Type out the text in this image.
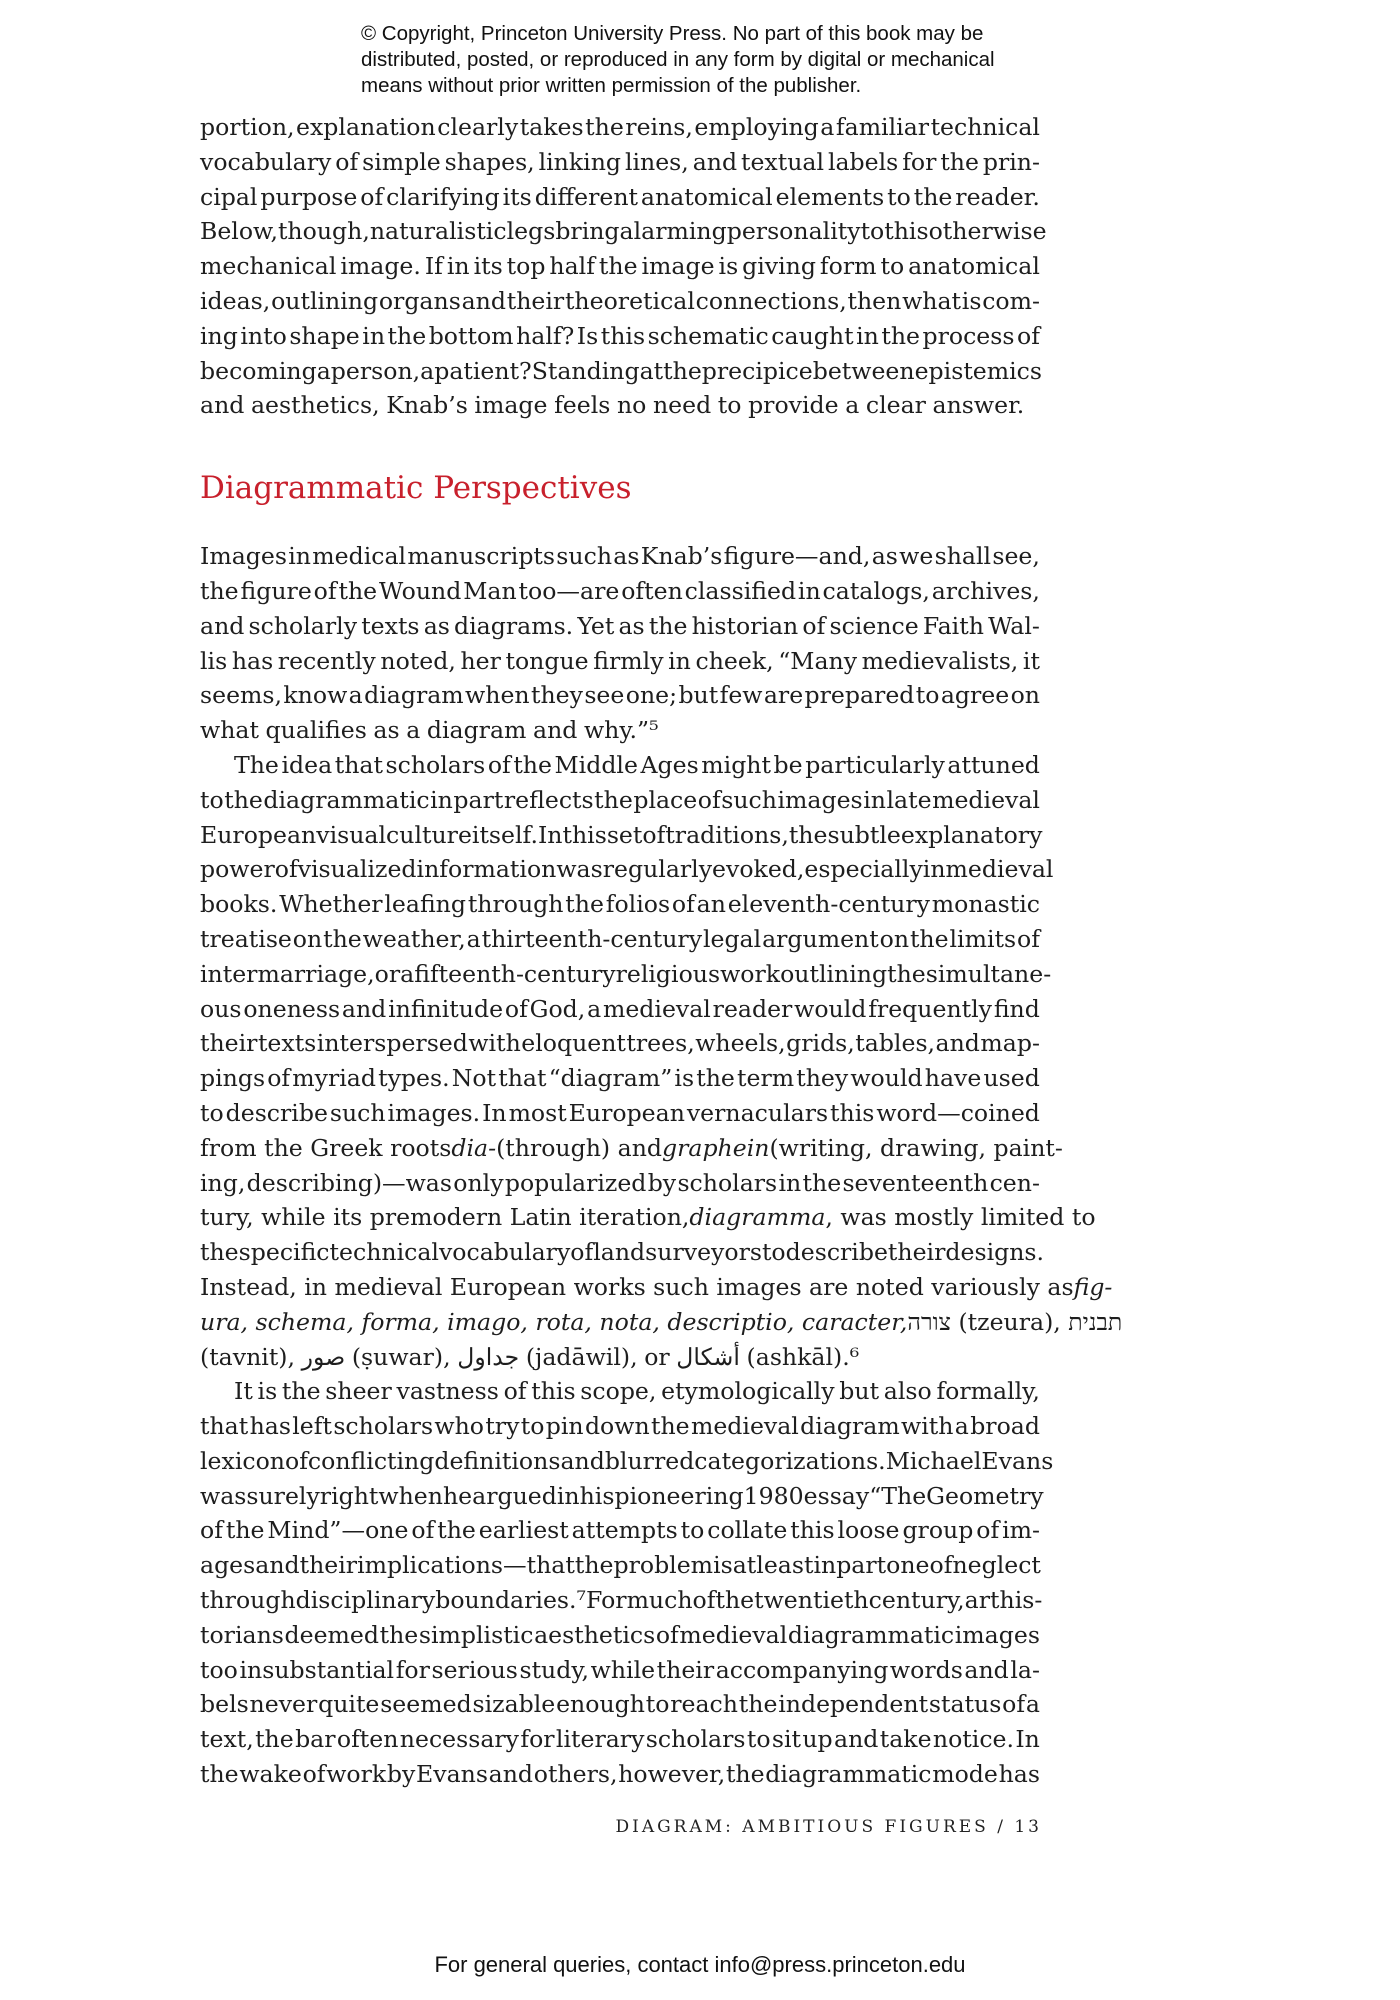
© Copyright, Princeton University Press. No part of this book may be
distributed, posted, or reproduced in any form by digital or mechanical
means without prior written permission of the publisher.
portion, explanation clearly takes the reins, employing a familiar technical
vocabulary of simple shapes, linking lines, and textual labels for the prin-
cipal purpose of clarifying its different anatomical elements to the reader.
Below, though, naturalistic legs bring alarming personality to this otherwise
mechanical image. If in its top half the image is giving form to anatomical
ideas, outlining organs and their theoretical connections, then what is com-
ing into shape in the bottom half? Is this schematic caught in the process of
becoming a person, a patient? Standing at the precipice between epistemics
and aesthetics, Knab’s image feels no need to provide a clear answer.
Diagrammatic Perspectives
Images in medical manuscripts such as Knab’s figure—and, as we shall see,
the figure of the Wound Man too—are often classified in catalogs, archives,
and scholarly texts as diagrams. Yet as the historian of science Faith Wal-
lis has recently noted, her tongue firmly in cheek, “Many medievalists, it
seems, know a diagram when they see one; but few are prepared to agree on
what qualifies as a diagram and why.”⁵
The idea that scholars of the Middle Ages might be particularly attuned
to the diagrammatic in part reflects the place of such images in late medieval
European visual culture itself. In this set of traditions, the subtle explanatory
power of visualized information was regularly evoked, especially in medieval
books. Whether leafing through the folios of an eleventh-century monastic
treatise on the weather, a thirteenth-century legal argument on the limits of
intermarriage, or a fifteenth-century religious work outlining the simultane-
ous oneness and infinitude of God, a medieval reader would frequently find
their texts interspersed with eloquent trees, wheels, grids, tables, and map-
pings of myriad types. Not that “diagram” is the term they would have used
to describe such images. In most European vernaculars this word—coined
from the Greek roots dia- (through) and graphein (writing, drawing, paint-
ing, describing)—was only popularized by scholars in the seventeenth cen-
tury, while its premodern Latin iteration, diagramma , was mostly limited to
the specific technical vocabulary of land surveyors to describe their designs.
Instead, in medieval European works such images are noted variously as fig-
ura, schema, forma, imago, rota, nota, descriptio, caracter, צורה (tzeura), תבנית
(tavnit), صور (ṣuwar), جداول (jadāwil), or أشكال (ashkāl).⁶
It is the sheer vastness of this scope, etymologically but also formally,
that has left scholars who try to pin down the medieval diagram with a broad
lexicon of conflicting definitions and blurred categorizations. Michael Evans
was surely right when he argued in his pioneering 1980 essay “The Geometry
of the Mind”—one of the earliest attempts to collate this loose group of im-
ages and their implications—that the problem is at least in part one of neglect
through disciplinary boundaries.⁷ For much of the twentieth century, art his-
torians deemed the simplistic aesthetics of medieval diagrammatic images
too insubstantial for serious study, while their accompanying words and la-
bels never quite seemed sizable enough to reach the independent status of a
text, the bar often necessary for literary scholars to sit up and take notice. In
the wake of work by Evans and others, however, the diagrammatic mode has
DIAGRAM: AMBITIOUS FIGURES / 13
For general queries, contact info@press.princeton.edu
